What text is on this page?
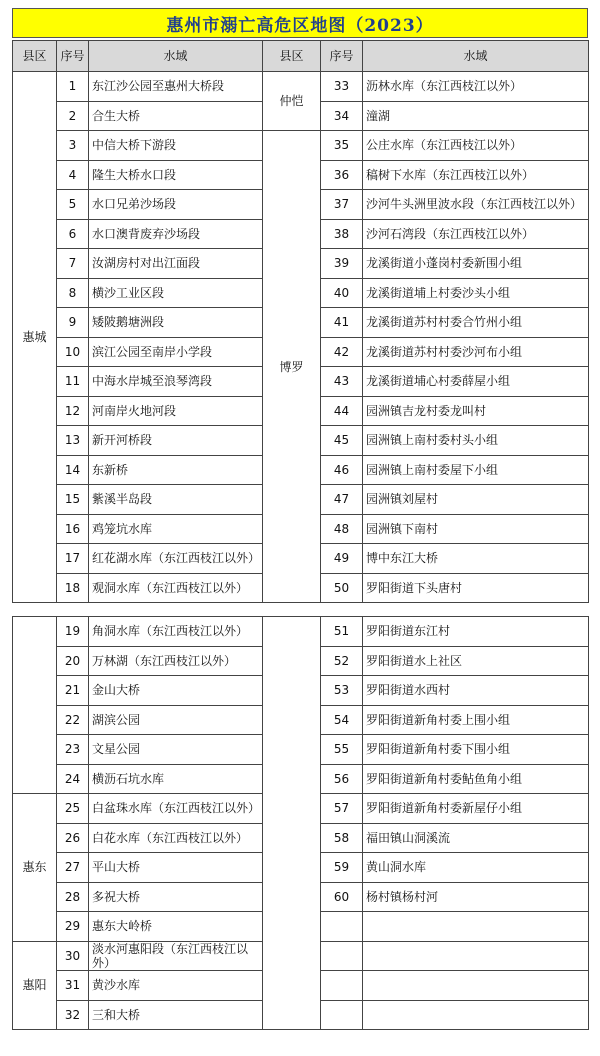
惠州市溺亡高危区地图（2023）
县区	序号	水域	县区	序号	水域
惠城	1	东江沙公园至惠州大桥段	仲恺	33	沥林水库（东江西枝江以外）
	2	合生大桥		34	潼湖
	3	中信大桥下游段	博罗	35	公庄水库（东江西枝江以外）
	4	隆生大桥水口段		36	稿树下水库（东江西枝江以外）
	5	水口兄弟沙场段		37	沙河牛头洲里波水段（东江西枝江以外）
	6	水口澳背废弃沙场段		38	沙河石湾段（东江西枝江以外）
	7	汝湖房村对出江面段		39	龙溪街道小蓬岗村委新围小组
	8	横沙工业区段		40	龙溪街道埔上村委沙头小组
	9	矮陂鹅塘洲段		41	龙溪街道苏村村委合竹州小组
	10	滨江公园至南岸小学段		42	龙溪街道苏村村委沙河布小组
	11	中海水岸城至浪琴湾段		43	龙溪街道埔心村委薛屋小组
	12	河南岸火地河段		44	园洲镇吉龙村委龙叫村
	13	新开河桥段		45	园洲镇上南村委村头小组
	14	东新桥		46	园洲镇上南村委屋下小组
	15	紫溪半岛段		47	园洲镇刘屋村
	16	鸡笼坑水库		48	园洲镇下南村
	17	红花湖水库（东江西枝江以外）		49	博中东江大桥
	18	观洞水库（东江西枝江以外）		50	罗阳街道下头唐村
	19	角洞水库（东江西枝江以外）		51	罗阳街道东江村
	20	万林湖（东江西枝江以外）		52	罗阳街道水上社区
	21	金山大桥		53	罗阳街道水西村
	22	湖滨公园		54	罗阳街道新角村委上围小组
	23	文星公园		55	罗阳街道新角村委下围小组
	24	横沥石坑水库		56	罗阳街道新角村委鲇鱼角小组
惠东	25	白盆珠水库（东江西枝江以外）		57	罗阳街道新角村委新屋仔小组
	26	白花水库（东江西枝江以外）		58	福田镇山洞溪流
	27	平山大桥		59	黄山洞水库
	28	多祝大桥		60	杨村镇杨村河
	29	惠东大岭桥			
惠阳	30	淡水河惠阳段（东江西枝江以外）			
	31	黄沙水库			
	32	三和大桥			
